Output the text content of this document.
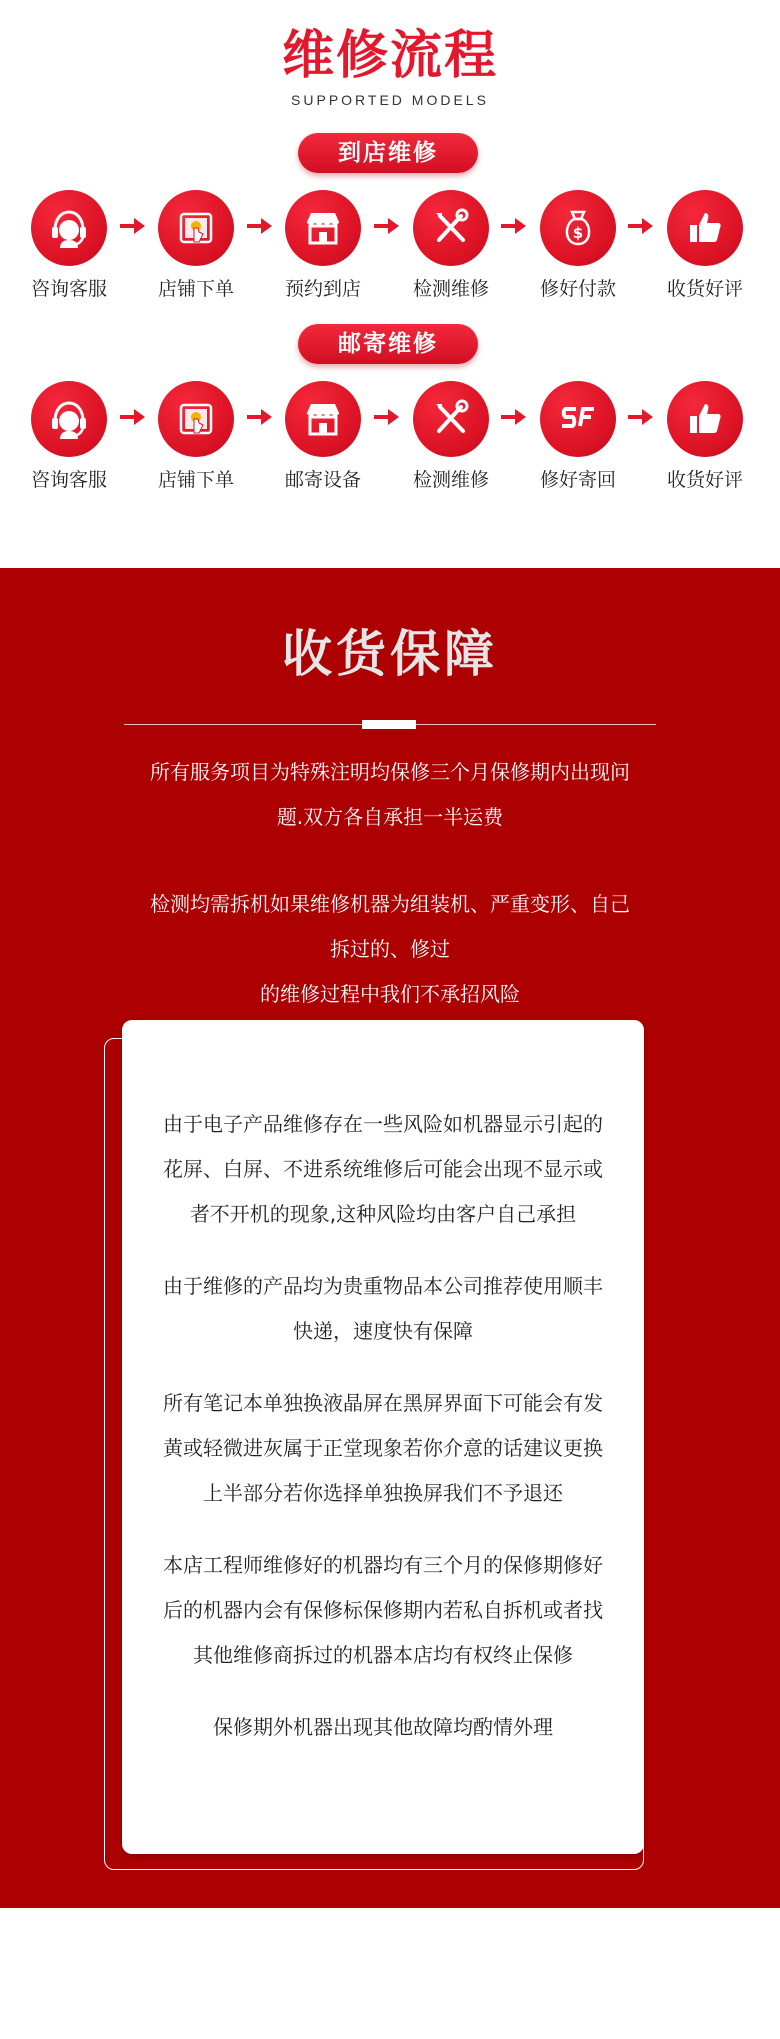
维修流程
SUPPORTED MODELS
到店维修
咨询客服	店铺下单	预约到店	检测维修
$
修好付款	收货好评
邮寄维修
咨询客服	店铺下单	邮寄设备	检测维修	修好寄回	收货好评
收货保障
所有服务项目为特殊注明均保修三个月保修期内出现问
题.双方各自承担一半运费
检测均需拆机如果维修机器为组装机、严重变形、自己
拆过的、修过
的维修过程中我们不承招风险
由于电子产品维修存在一些风险如机器显示引起的
花屏、白屏、不进系统维修后可能会出现不显示或
者不开机的现象,这种风险均由客户自己承担
由于维修的产品均为贵重物品本公司推荐使用顺丰
快递，速度快有保障
所有笔记本单独换液晶屏在黑屏界面下可能会有发
黄或轻微进灰属于正堂现象若你介意的话建议更换
上半部分若你选择单独换屏我们不予退还
本店工程师维修好的机器均有三个月的保修期修好
后的机器内会有保修标保修期内若私自拆机或者找
其他维修商拆过的机器本店均有权终止保修
保修期外机器出现其他故障均酌情外理
